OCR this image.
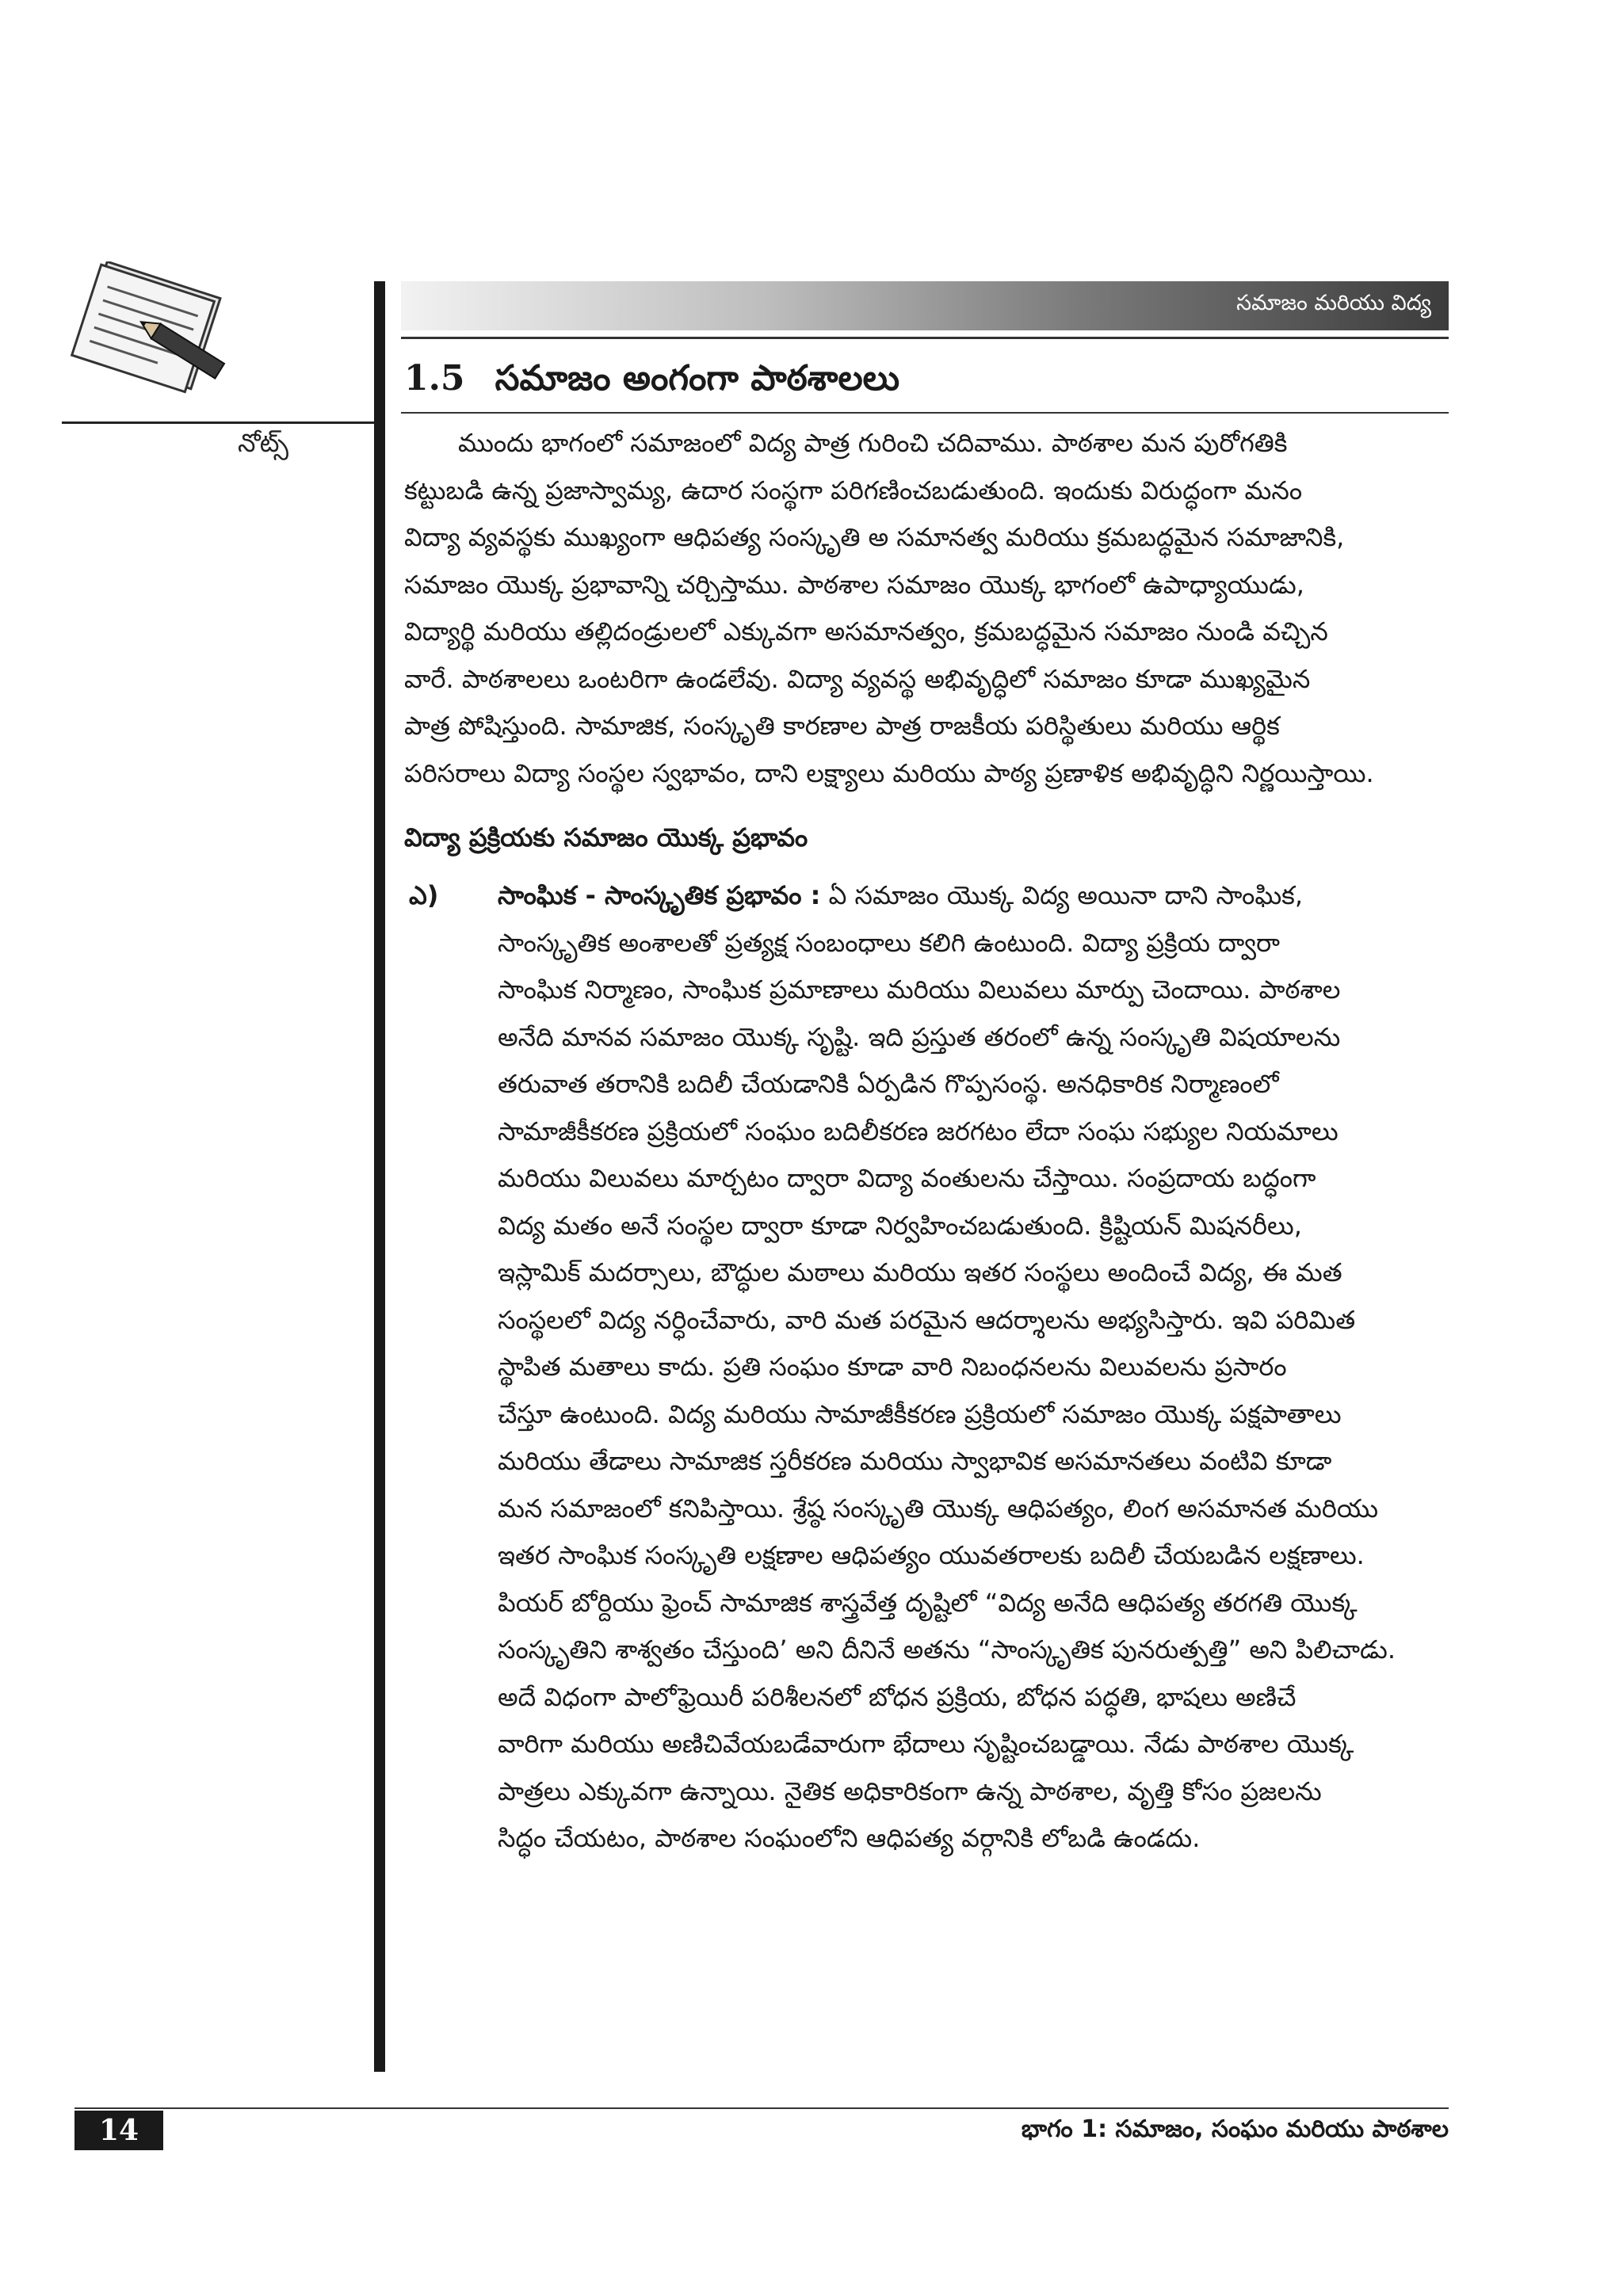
నోట్స్
సమాజం మరియు విద్య
1.5 సమాజం అంగంగా పాఠశాలలు

ముందు భాగంలో సమాజంలో విద్య పాత్ర గురించి చదివాము. పాఠశాల మన పురోగతికి
కట్టుబడి ఉన్న ప్రజాస్వామ్య, ఉదార సంస్థగా పరిగణించబడుతుంది. ఇందుకు విరుద్ధంగా మనం
విద్యా వ్యవస్థకు ముఖ్యంగా ఆధిపత్య సంస్కృతి అ సమానత్వ మరియు క్రమబద్ధమైన సమాజానికి,
సమాజం యొక్క ప్రభావాన్ని చర్చిస్తాము. పాఠశాల సమాజం యొక్క భాగంలో ఉపాధ్యాయుడు,
విద్యార్థి మరియు తల్లిదండ్రులలో ఎక్కువగా అసమానత్వం, క్రమబద్ధమైన సమాజం నుండి వచ్చిన
వారే. పాఠశాలలు ఒంటరిగా ఉండలేవు. విద్యా వ్యవస్థ అభివృద్ధిలో సమాజం కూడా ముఖ్యమైన
పాత్ర పోషిస్తుంది. సామాజిక, సంస్కృతి కారణాల పాత్ర రాజకీయ పరిస్థితులు మరియు ఆర్థిక
పరిసరాలు విద్యా సంస్థల స్వభావం, దాని లక్ష్యాలు మరియు పాఠ్య ప్రణాళిక అభివృద్ధిని నిర్ణయిస్తాయి.

విద్యా ప్రక్రియకు సమాజం యొక్క ప్రభావం
ఎ)	సాంఘిక - సాంస్కృతిక ప్రభావం : ఏ సమాజం యొక్క విద్య అయినా దాని సాంఘిక,
సాంస్కృతిక అంశాలతో ప్రత్యక్ష సంబంధాలు కలిగి ఉంటుంది. విద్యా ప్రక్రియ ద్వారా
సాంఘిక నిర్మాణం, సాంఘిక ప్రమాణాలు మరియు విలువలు మార్పు చెందాయి. పాఠశాల
అనేది మానవ సమాజం యొక్క సృష్టి. ఇది ప్రస్తుత తరంలో ఉన్న సంస్కృతి విషయాలను
తరువాత తరానికి బదిలీ చేయడానికి ఏర్పడిన గొప్పసంస్థ. అనధికారిక నిర్మాణంలో
సామాజీకీకరణ ప్రక్రియలో సంఘం బదిలీకరణ జరగటం లేదా సంఘ సభ్యుల నియమాలు
మరియు విలువలు మార్చటం ద్వారా విద్యా వంతులను చేస్తాయి. సంప్రదాయ బద్ధంగా
విద్య మతం అనే సంస్థల ద్వారా కూడా నిర్వహించబడుతుంది. క్రిష్టియన్ మిషనరీలు,
ఇస్లామిక్ మదర్సాలు, బౌద్ధుల మఠాలు మరియు ఇతర సంస్థలు అందించే విద్య, ఈ మత
సంస్థలలో విద్య నర్ధించేవారు, వారి మత పరమైన ఆదర్శాలను అభ్యసిస్తారు. ఇవి పరిమిత
స్థాపిత మతాలు కాదు. ప్రతి సంఘం కూడా వారి నిబంధనలను విలువలను ప్రసారం
చేస్తూ ఉంటుంది. విద్య మరియు సామాజీకీకరణ ప్రక్రియలో సమాజం యొక్క పక్షపాతాలు
మరియు తేడాలు సామాజిక స్తరీకరణ మరియు స్వాభావిక అసమానతలు వంటివి కూడా
మన సమాజంలో కనిపిస్తాయి. శ్రేష్ఠ సంస్కృతి యొక్క ఆధిపత్యం, లింగ అసమానత మరియు
ఇతర సాంఘిక సంస్కృతి లక్షణాల ఆధిపత్యం యువతరాలకు బదిలీ చేయబడిన లక్షణాలు.
పియర్ బోర్దియు ఫ్రెంచ్ సామాజిక శాస్త్రవేత్త దృష్టిలో “విద్య అనేది ఆధిపత్య తరగతి యొక్క
సంస్కృతిని శాశ్వతం చేస్తుంది’ అని దీనినే అతను “సాంస్కృతిక పునరుత్పత్తి” అని పిలిచాడు.
అదే విధంగా పాలోఫ్రెయిరీ పరిశీలనలో బోధన ప్రక్రియ, బోధన పద్ధతి, భాషలు అణిచే
వారిగా మరియు అణిచివేయబడేవారుగా భేదాలు సృష్టించబడ్డాయి. నేడు పాఠశాల యొక్క
పాత్రలు ఎక్కువగా ఉన్నాయి. నైతిక అధికారికంగా ఉన్న పాఠశాల, వృత్తి కోసం ప్రజలను
సిద్ధం చేయటం, పాఠశాల సంఘంలోని ఆధిపత్య వర్గానికి లోబడి ఉండదు.
14	భాగం 1: సమాజం, సంఘం మరియు పాఠశాల
